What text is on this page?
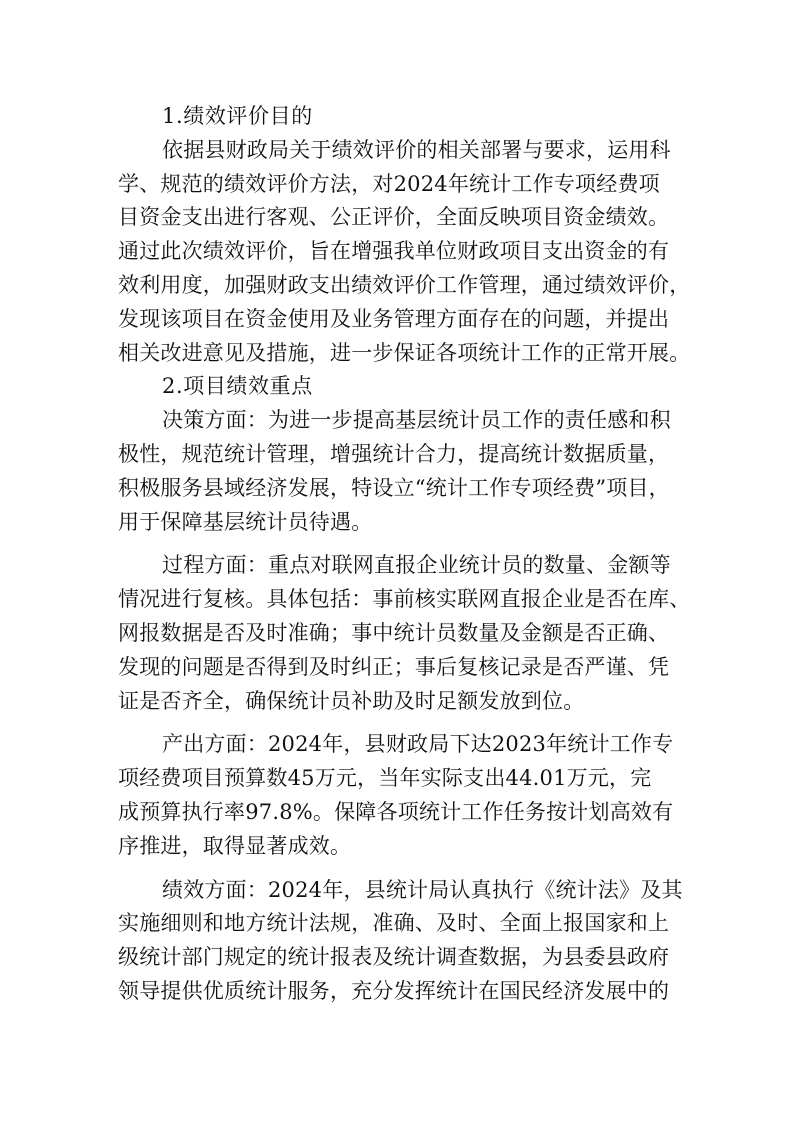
1.绩效评价目的
依据县财政局关于绩效评价的相关部署与要求，运用科
学、规范的绩效评价方法，对2024年统计工作专项经费项
目资金支出进行客观、公正评价，全面反映项目资金绩效。
通过此次绩效评价，旨在增强我单位财政项目支出资金的有
效利用度，加强财政支出绩效评价工作管理，通过绩效评价，
发现该项目在资金使用及业务管理方面存在的问题，并提出
相关改进意见及措施，进一步保证各项统计工作的正常开展。
2.项目绩效重点
决策方面：为进一步提高基层统计员工作的责任感和积
极性，规范统计管理，增强统计合力，提高统计数据质量，
积极服务县域经济发展，特设立“统计工作专项经费”项目，
用于保障基层统计员待遇。
过程方面：重点对联网直报企业统计员的数量、金额等
情况进行复核。具体包括：事前核实联网直报企业是否在库、
网报数据是否及时准确；事中统计员数量及金额是否正确、
发现的问题是否得到及时纠正；事后复核记录是否严谨、凭
证是否齐全，确保统计员补助及时足额发放到位。
产出方面：2024年，县财政局下达2023年统计工作专
项经费项目预算数45万元，当年实际支出44.01万元，完
成预算执行率97.8%。保障各项统计工作任务按计划高效有
序推进，取得显著成效。
绩效方面：2024年，县统计局认真执行《统计法》及其
实施细则和地方统计法规，准确、及时、全面上报国家和上
级统计部门规定的统计报表及统计调查数据，为县委县政府
领导提供优质统计服务，充分发挥统计在国民经济发展中的
